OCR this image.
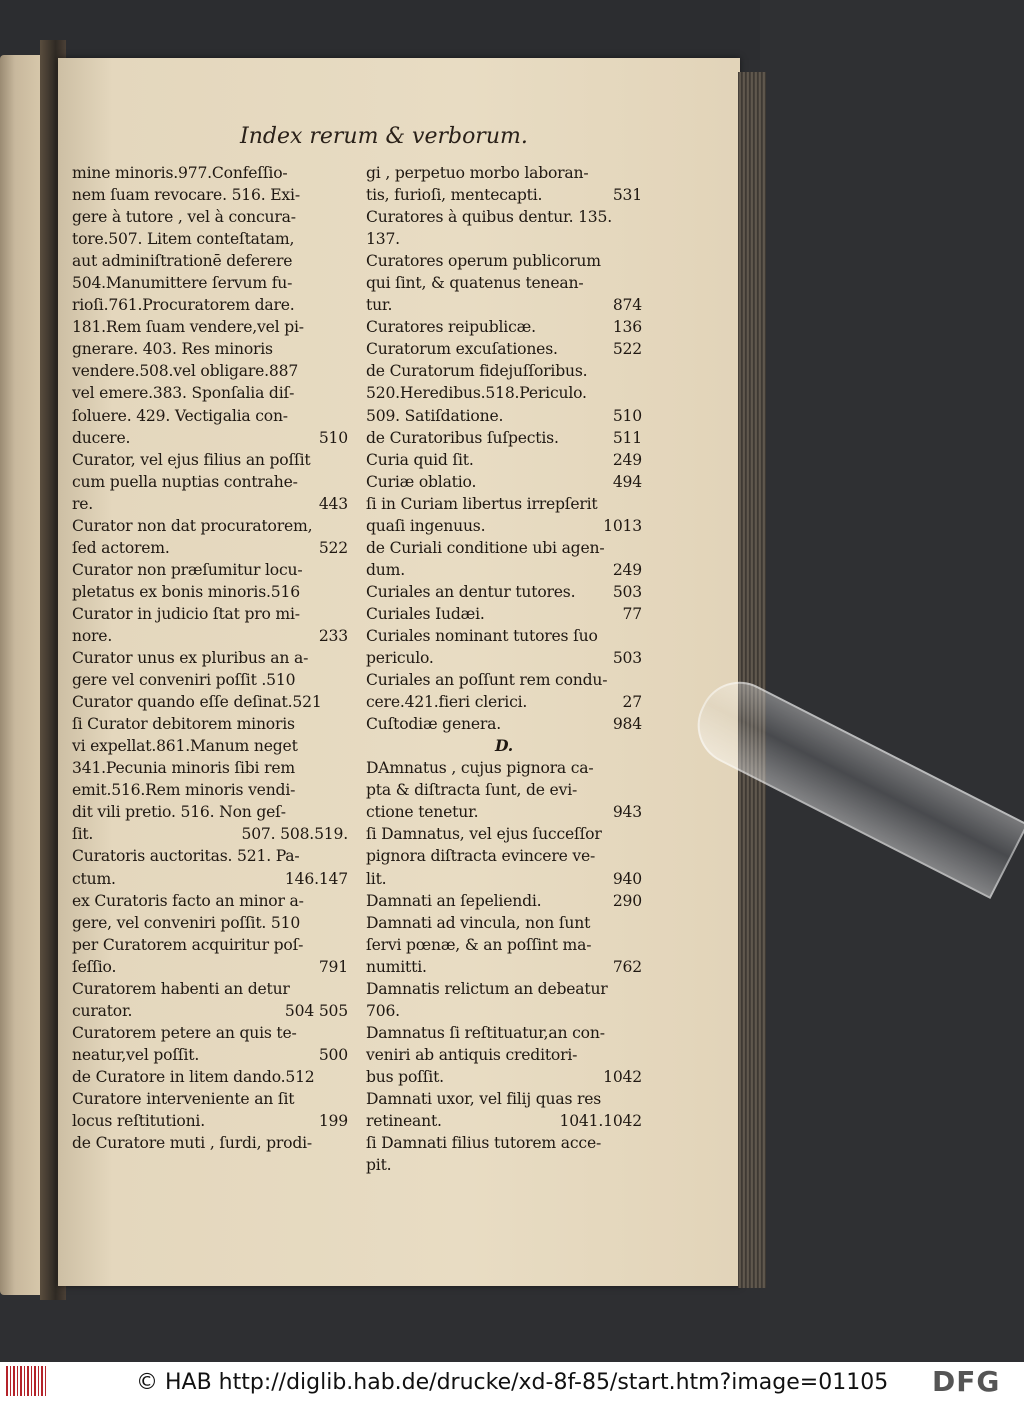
Index rerum & verborum.
mine minoris.977.Confeſſio-
nem ſuam revocare. 516. Exi-
gere à tutore , vel à concura-
tore.507. Litem conteſtatam,
aut adminiſtrationē deferere
504.Manumittere ſervum fu-
rioſi.761.Procuratorem dare.
181.Rem ſuam vendere,vel pi-
gnerare. 403. Res minoris
vendere.508.vel obligare.887
vel emere.383. Sponſalia diſ-
ſoluere. 429. Vectigalia con-
ducere.	510
Curator, vel ejus filius an poſſit
cum puella nuptias contrahe-
re.	443
Curator non dat procuratorem,
ſed actorem.	522
Curator non præſumitur locu-
pletatus ex bonis minoris.516
Curator in judicio ſtat pro mi-
nore.	233
Curator unus ex pluribus an a-
gere vel conveniri poſſit .510
Curator quando eſſe deſinat.521
ſi Curator debitorem minoris
vi expellat.861.Manum neget
341.Pecunia minoris ſibi rem
emit.516.Rem minoris vendi-
dit vili pretio. 516. Non geſ-
ſit.	507. 508.519.
Curatoris auctoritas. 521. Pa-
ctum.	146.147
ex Curatoris facto an minor a-
gere, vel conveniri poſſit. 510
per Curatorem acquiritur poſ-
ſeſſio.	791
Curatorem habenti an detur
curator.	504 505
Curatorem petere an quis te-
neatur,vel poſſit.	500
de Curatore in litem dando.512
Curatore interveniente an ſit
locus reſtitutioni.	199
de Curatore muti , ſurdi, prodi-
gi , perpetuo morbo laboran-
tis, furioſi, mentecapti.	531
Curatores à quibus dentur. 135.
137.
Curatores operum publicorum
qui ſint, & quatenus tenean-
tur.	874
Curatores reipublicæ.	136
Curatorum excuſationes.	522
de Curatorum fidejuſſoribus.
520.Heredibus.518.Periculo.
509. Satiſdatione.	510
de Curatoribus ſuſpectis.	511
Curia quid ſit.	249
Curiæ oblatio.	494
ſi in Curiam libertus irrepſerit
quaſi ingenuus.	1013
de Curiali conditione ubi agen-
dum.	249
Curiales an dentur tutores. 503
Curiales Iudæi.	77
Curiales nominant tutores ſuo
periculo.	503
Curiales an poſſunt rem condu-
cere.421.fieri clerici.	27
Cuſtodiæ genera.	984
D.
DAmnatus , cujus pignora ca-
pta & diſtracta ſunt, de evi-
ctione tenetur.	943
ſi Damnatus, vel ejus ſucceſſor
pignora diſtracta evincere ve-
lit.	940
Damnati an ſepeliendi.	290
Damnati ad vincula, non ſunt
ſervi pœnæ, & an poſſint ma-
numitti.	762
Damnatis relictum an debeatur
706.
Damnatus ſi reſtituatur,an con-
veniri ab antiquis creditori-
bus poſſit.	1042
Damnati uxor, vel filij quas res
retineant.	1041.1042
ſi Damnati filius tutorem acce-
pit.
© HAB http://diglib.hab.de/drucke/xd-8f-85/start.htm?image=01105 DFG
